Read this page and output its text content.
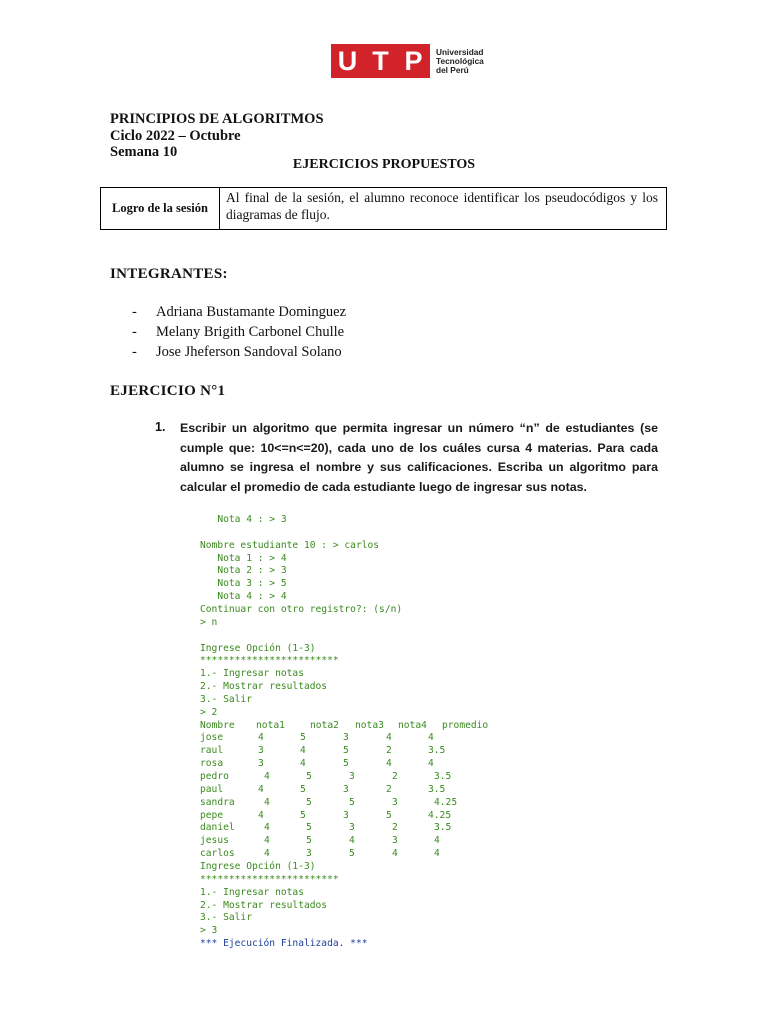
U T P	Universidad
Tecnológica
del Perú
PRINCIPIOS DE ALGORITMOS
Ciclo 2022 – Octubre
Semana 10
EJERCICIOS PROPUESTOS
Logro de la sesión
Al final de la sesión, el alumno reconoce identificar los pseudocódigos y los diagramas de flujo.
INTEGRANTES:
- Adriana Bustamante Dominguez
- Melany Brigith Carbonel Chulle
- Jose Jheferson Sandoval Solano
EJERCICIO N°1
1. Escribir un algoritmo que permita ingresar un número “n” de estudiantes (se cumple que: 10<=n<=20), cada uno de los cuáles cursa 4 materias. Para cada alumno se ingresa el nombre y sus calificaciones. Escriba un algoritmo para calcular el promedio de cada estudiante luego de ingresar sus notas.
Nota 4 : > 3
Nombre estudiante 10 : > carlos
Nota 1 : > 4
Nota 2 : > 3
Nota 3 : > 5
Nota 4 : > 4
Continuar con otro registro?: (s/n)
> n
Ingrese Opción (1-3)
************************
1.- Ingresar notas
2.- Mostrar resultados
3.- Salir
> 2
Nombre nota1	nota2 nota3 nota4 promedio
jose	4	5	3	4	4
raul	3	4	5	2	3.5
rosa	3	4	5	4	4
pedro	4	5	3	2	3.5
paul	4	5	3	2	3.5
sandra	4	5	5	3	4.25
pepe	4	5	3	5	4.25
daniel	4	5	3	2	3.5
jesus	4	5	4	3	4
carlos	4	3	5	4	4
Ingrese Opción (1-3)
************************
1.- Ingresar notas
2.- Mostrar resultados
3.- Salir
> 3
*** Ejecución Finalizada. ***
